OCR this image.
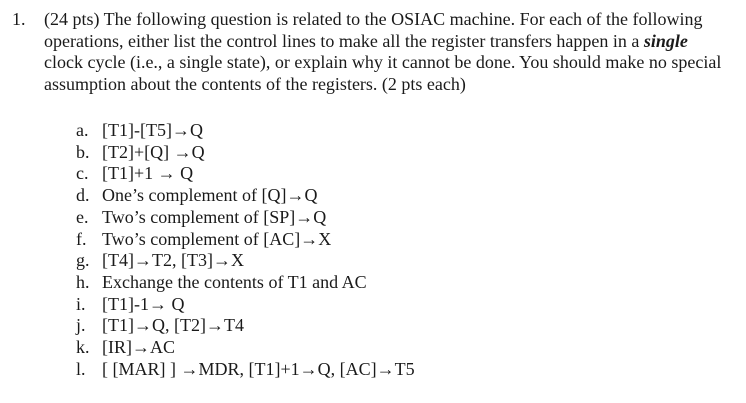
1. (24 pts) The following question is related to the OSIAC machine. For each of the following operations, either list the control lines to make all the register transfers happen in a single clock cycle (i.e., a single state), or explain why it cannot be done. You should make no special assumption about the contents of the registers. (2 pts each)
a. [T1]-[T5]→Q
b. [T2]+[Q] →Q
c. [T1]+1 → Q
d. One’s complement of [Q]→Q
e. Two’s complement of [SP]→Q
f. Two’s complement of [AC]→X
g. [T4]→T2, [T3]→X
h. Exchange the contents of T1 and AC
i. [T1]-1→ Q
j. [T1]→Q, [T2]→T4
k. [IR]→AC
l. [ [MAR] ] →MDR, [T1]+1→Q, [AC]→T5
